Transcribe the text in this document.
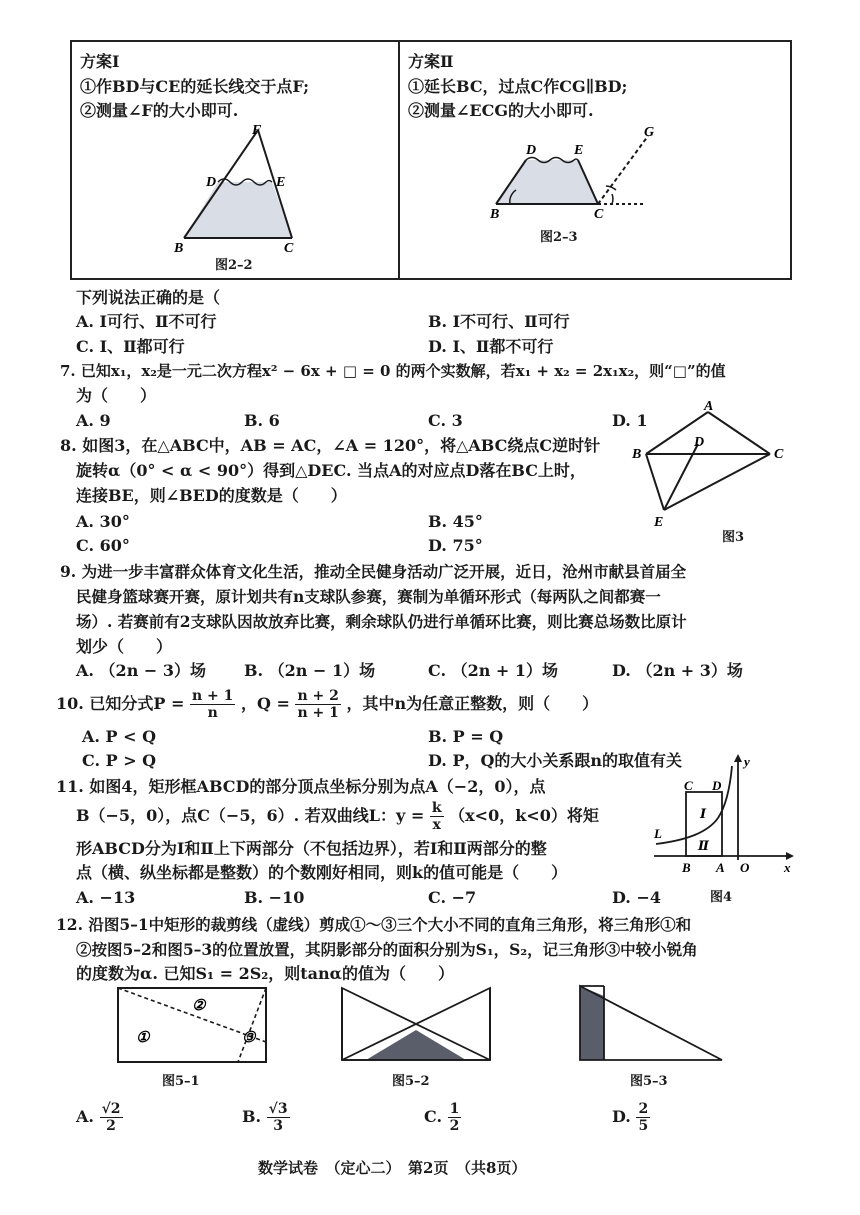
方案Ⅰ
①作BD与CE的延长线交于点F;
②测量∠F的大小即可.
方案Ⅱ
①延长BC，过点C作CG∥BD;
②测量∠ECG的大小即可.
F
D	E
B	C
图2–2
D	E
G
B	C
图2–3
下列说法正确的是（
A. Ⅰ可行、Ⅱ不可行	B. Ⅰ不可行、Ⅱ可行
C. Ⅰ、Ⅱ都可行	D. Ⅰ、Ⅱ都不可行
7. 已知x₁，x₂是一元二次方程x² − 6x + □ = 0 的两个实数解，若x₁ + x₂ = 2x₁x₂，则“□”的值
为（　　）
A. 9	B. 6	C. 3	D. 1
8. 如图3，在△ABC中，AB = AC，∠A = 120°，将△ABC绕点C逆时针
旋转α（0° < α < 90°）得到△DEC. 当点A的对应点D落在BC上时，
连接BE，则∠BED的度数是（　　）
A. 30°	B. 45°
C. 60°	D. 75°
A
B
D
C
E
图3
9. 为进一步丰富群众体育文化生活，推动全民健身活动广泛开展，近日，沧州市献县首届全
民健身篮球赛开赛，原计划共有n支球队参赛，赛制为单循环形式（每两队之间都赛一
场）. 若赛前有2支球队因故放弃比赛，剩余球队仍进行单循环比赛，则比赛总场数比原计
划少（　　）
A. （2n − 3）场 B. （2n − 1）场	C. （2n + 1）场	D. （2n + 3）场
10. 已知分式$P = \frac{n + 1}{n}$ ，$Q = \frac{n + 2}{n + 1}$ ，其中n为任意正整数，则（　　）
A. P < Q	B. P = Q
C. P > Q	D. P，Q的大小关系跟n的取值有关
11. 如图4，矩形框ABCD的部分顶点坐标分别为点A（−2，0），点
B（−5，0），点C（−5，6）. 若双曲线L：$y = \frac{k}{x} (x<0$，k<0）将矩
形ABCD分为Ⅰ和Ⅱ上下两部分（不包括边界），若Ⅰ和Ⅱ两部分的整
点（横、纵坐标都是整数）的个数刚好相同，则k的值可能是（　　）
A. −13	B. −10	C. −7	D. −4
y
C D
Ⅰ
Ⅱ
L
B A O	x
图4
12. 沿图5–1中矩形的裁剪线（虚线）剪成①～③三个大小不同的直角三角形，将三角形①和
②按图5–2和图5–3的位置放置，其阴影部分的面积分别为S₁，S₂，记三角形③中较小锐角
的度数为α. 已知S₁ = 2S₂，则tanα的值为（　　）
②
①	③
图5–1	图5–2	图5–3
A. $\frac{√2}{2}$	B. $\frac{√3}{3}$	C. $\frac{1}{2}$	D. $\frac{2}{5}$
数学试卷　（定心二）　第2页　（共8页）
